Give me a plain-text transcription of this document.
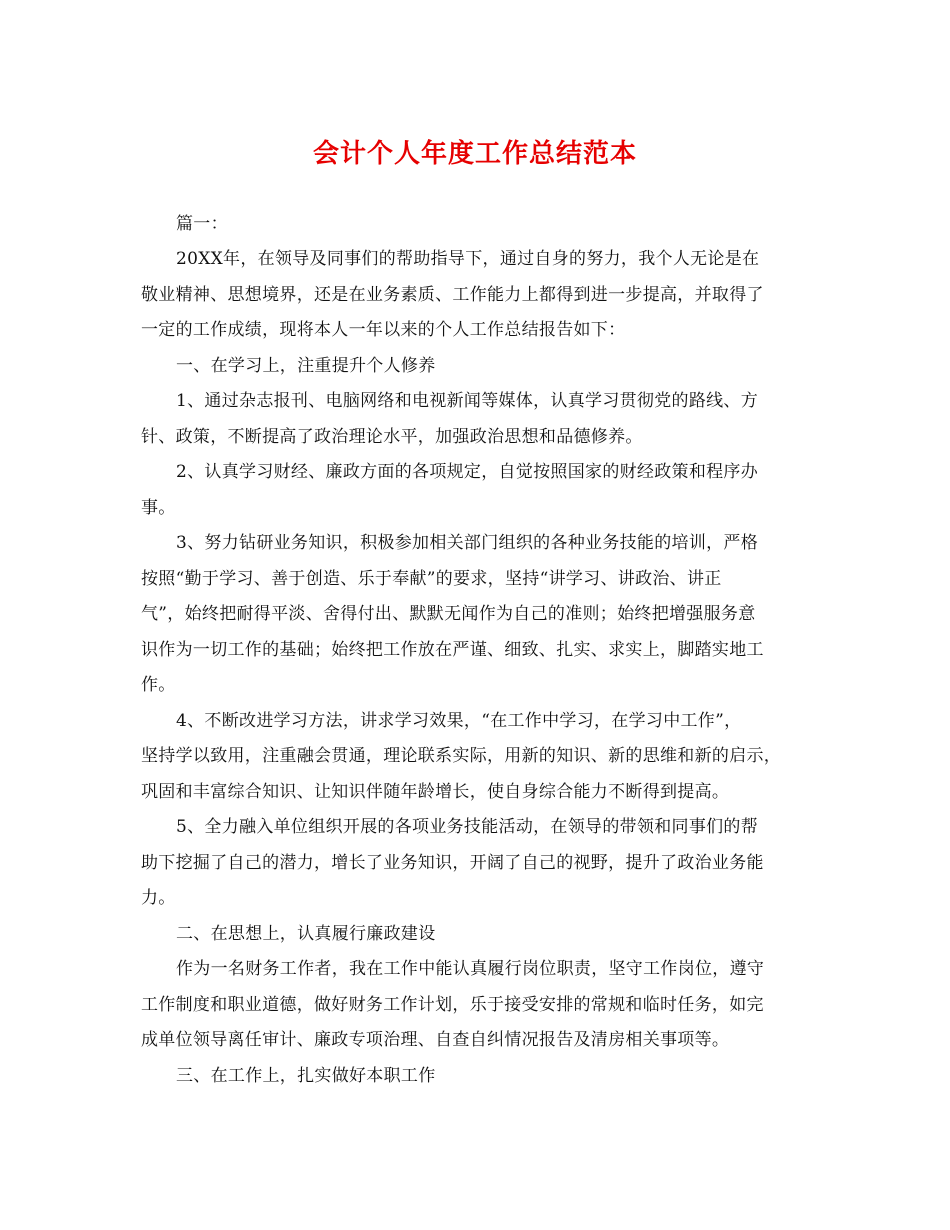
会计个人年度工作总结范本
篇一：
20XX年，在领导及同事们的帮助指导下，通过自身的努力，我个人无论是在
敬业精神、思想境界，还是在业务素质、工作能力上都得到进一步提高，并取得了
一定的工作成绩，现将本人一年以来的个人工作总结报告如下：
一、在学习上，注重提升个人修养
1、通过杂志报刊、电脑网络和电视新闻等媒体，认真学习贯彻党的路线、方
针、政策，不断提高了政治理论水平，加强政治思想和品德修养。
2、认真学习财经、廉政方面的各项规定，自觉按照国家的财经政策和程序办
事。
3、努力钻研业务知识，积极参加相关部门组织的各种业务技能的培训，严格
按照“勤于学习、善于创造、乐于奉献”的要求，坚持“讲学习、讲政治、讲正
气”，始终把耐得平淡、舍得付出、默默无闻作为自己的准则；始终把增强服务意
识作为一切工作的基础；始终把工作放在严谨、细致、扎实、求实上，脚踏实地工
作。
4、不断改进学习方法，讲求学习效果，“在工作中学习，在学习中工作”，
坚持学以致用，注重融会贯通，理论联系实际，用新的知识、新的思维和新的启示，
巩固和丰富综合知识、让知识伴随年龄增长，使自身综合能力不断得到提高。
5、全力融入单位组织开展的各项业务技能活动，在领导的带领和同事们的帮
助下挖掘了自己的潜力，增长了业务知识，开阔了自己的视野，提升了政治业务能
力。
二、在思想上，认真履行廉政建设
作为一名财务工作者，我在工作中能认真履行岗位职责，坚守工作岗位，遵守
工作制度和职业道德，做好财务工作计划，乐于接受安排的常规和临时任务，如完
成单位领导离任审计、廉政专项治理、自查自纠情况报告及清房相关事项等。
三、在工作上，扎实做好本职工作
